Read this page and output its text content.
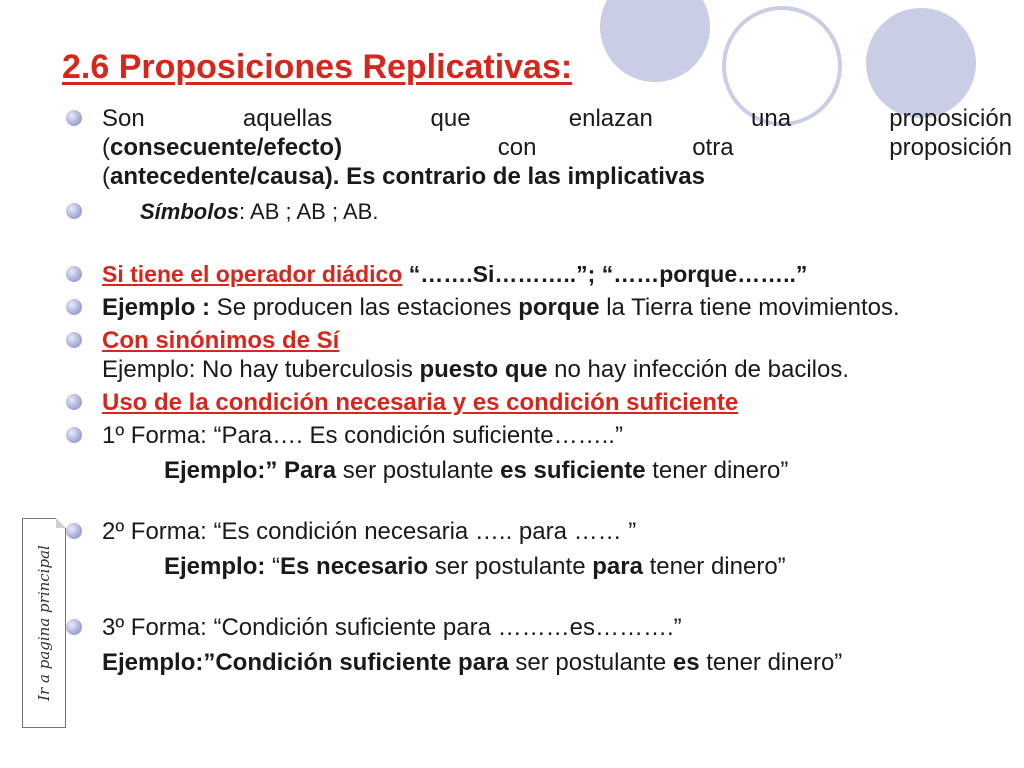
2.6 Proposiciones Replicativas:
Son	aquellas	que	enlazan	una	proposición
(consecuente/efecto)	con	otra	proposición
(antecedente/causa). Es contrario de las implicativas
Símbolos: AB ; AB ; AB.
Si tiene el operador diádico “…….Si………..”; “……porque……..”
Ejemplo : Se producen las estaciones porque la Tierra tiene movimientos.
Con sinónimos de Sí
Ejemplo: No hay tuberculosis puesto que no hay infección de bacilos.
Uso de la condición necesaria y es condición suficiente
1º Forma: “Para…. Es condición suficiente……..”
Ejemplo:” Para ser postulante es suficiente tener dinero”
2º Forma: “Es condición necesaria ….. para …… ”
Ejemplo: “Es necesario ser postulante para tener dinero”
3º Forma: “Condición suficiente para ………es……….”
Ejemplo:”Condición suficiente para ser postulante es tener dinero”
Ir a pagina principal
